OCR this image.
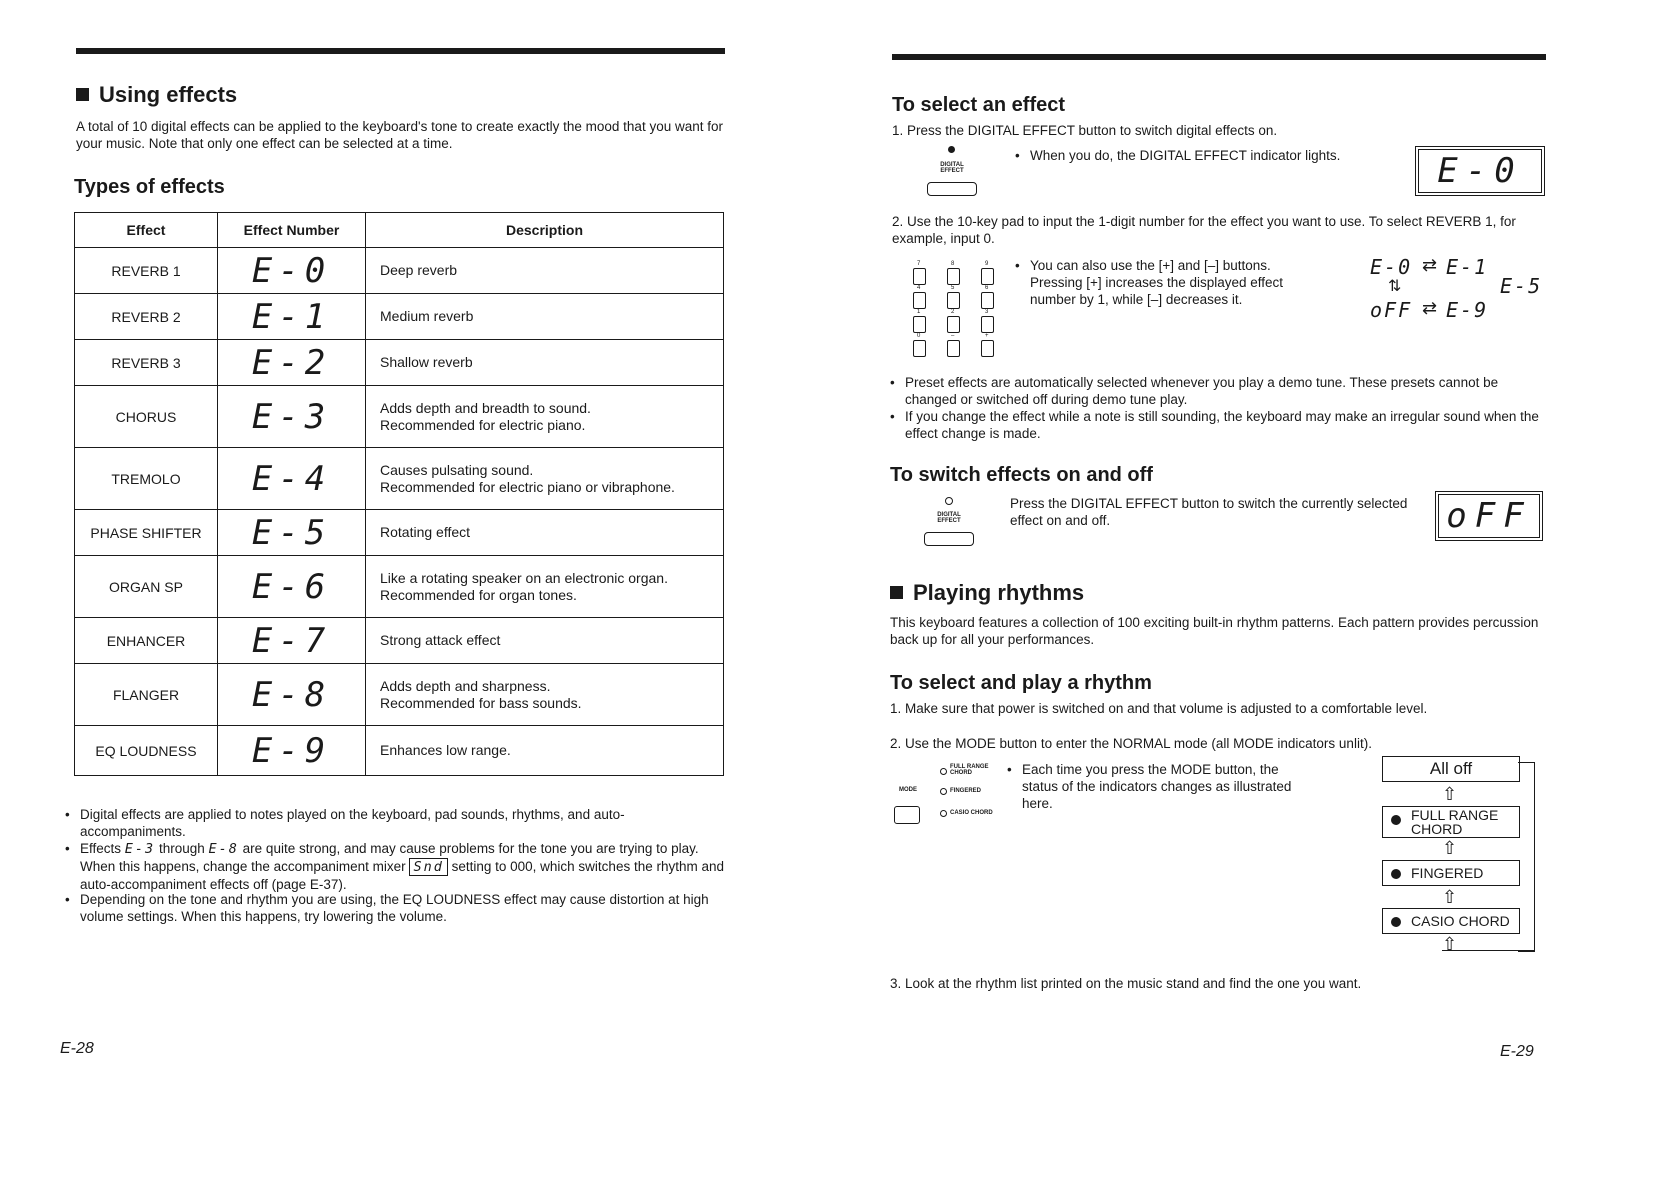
Using effects
A total of 10 digital effects can be applied to the keyboard's tone to create exactly the mood that you want for your music. Note that only one effect can be selected at a time.
Types of effects
Effect	Effect Number	Description
REVERB 1	E-0	Deep reverb

REVERB 2	E-1	Medium reverb

REVERB 3	E-2	Shallow reverb

CHORUS	E-3	Adds depth and breadth to sound.
Recommended for electric piano.

TREMOLO	E-4	Causes pulsating sound.
Recommended for electric piano or vibraphone.

PHASE SHIFTER	E-5	Rotating effect

ORGAN SP	E-6	Like a rotating speaker on an electronic organ.
Recommended for organ tones.

ENHANCER	E-7	Strong attack effect

FLANGER	E-8	Adds depth and sharpness.
Recommended for bass sounds.

EQ LOUDNESS	E-9	Enhances low range.
• Digital effects are applied to notes played on the keyboard, pad sounds, rhythms, and auto-accompaniments.
• Effects E-3 through E-8 are quite strong, and may cause problems for the tone you are trying to play. When this happens, change the accompaniment mixer Snd setting to 000, which switches the rhythm and auto-accompaniment effects off (page E-37).
• Depending on the tone and rhythm you are using, the EQ LOUDNESS effect may cause distortion at high volume settings. When this happens, try lowering the volume.
E-28
To select an effect
1. Press the DIGITAL EFFECT button to switch digital effects on.
DIGITAL EFFECT
• When you do, the DIGITAL EFFECT indicator lights.	E-0
2. Use the 10-key pad to input the 1-digit number for the effect you want to use. To select REVERB 1, for example, input 0.
7	8	9
4	5	6
1	2	3
0	–	+
• You can also use the [+] and [–] buttons. Pressing [+] increases the displayed effect number by 1, while [–] decreases it.
E-0 ⇄ E-1
E-5
⇅
oFF ⇄ E-9
• Preset effects are automatically selected whenever you play a demo tune. These presets cannot be changed or switched off during demo tune play.
• If you change the effect while a note is still sounding, the keyboard may make an irregular sound when the effect change is made.
To switch effects on and off
DIGITAL EFFECT
Press the DIGITAL EFFECT button to switch the currently selected effect on and off.	oFF
Playing rhythms
This keyboard features a collection of 100 exciting built-in rhythm patterns. Each pattern provides percussion back up for all your performances.
To select and play a rhythm
1. Make sure that power is switched on and that volume is adjusted to a comfortable level.
2. Use the MODE button to enter the NORMAL mode (all MODE indicators unlit).
MODE
FULL RANGE CHORD
FINGERED
CASIO CHORD
• Each time you press the MODE button, the status of the indicators changes as illustrated here.
All off
⇧
FULL RANGE
CHORD
⇧
FINGERED
⇧
CASIO CHORD
⇧
3. Look at the rhythm list printed on the music stand and find the one you want.
E-29
